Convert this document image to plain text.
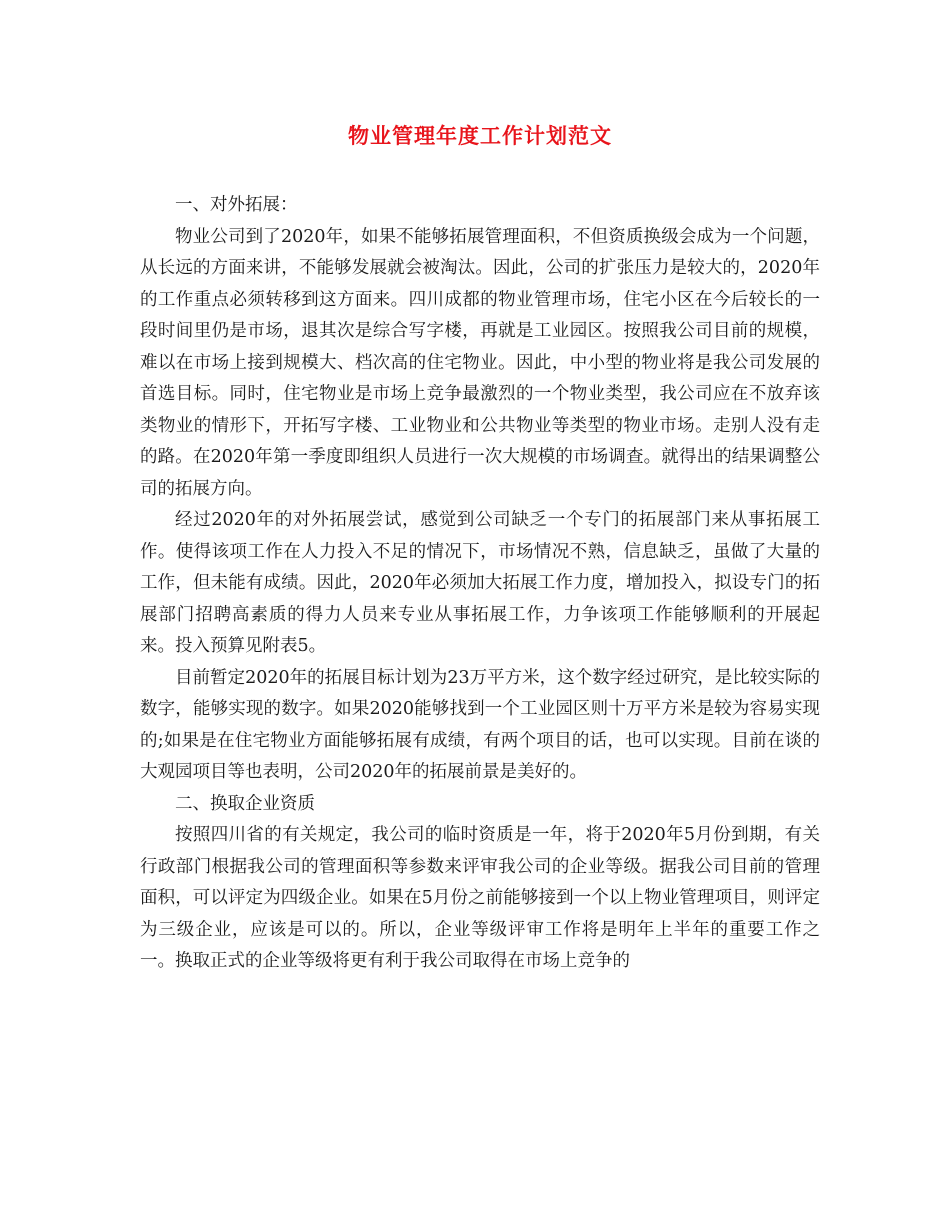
物业管理年度工作计划范文

一、对外拓展：

物业公司到了2020年，如果不能够拓展管理面积，不但资质换级会成为一个问题，从长远的方面来讲，不能够发展就会被淘汰。因此，公司的扩张压力是较大的，2020年的工作重点必须转移到这方面来。四川成都的物业管理市场，住宅小区在今后较长的一段时间里仍是市场，退其次是综合写字楼，再就是工业园区。按照我公司目前的规模，难以在市场上接到规模大、档次高的住宅物业。因此，中小型的物业将是我公司发展的首选目标。同时，住宅物业是市场上竞争最激烈的一个物业类型，我公司应在不放弃该类物业的情形下，开拓写字楼、工业物业和公共物业等类型的物业市场。走别人没有走的路。在2020年第一季度即组织人员进行一次大规模的市场调查。就得出的结果调整公司的拓展方向。

经过2020年的对外拓展尝试，感觉到公司缺乏一个专门的拓展部门来从事拓展工作。使得该项工作在人力投入不足的情况下，市场情况不熟，信息缺乏，虽做了大量的工作，但未能有成绩。因此，2020年必须加大拓展工作力度，增加投入，拟设专门的拓展部门招聘高素质的得力人员来专业从事拓展工作，力争该项工作能够顺利的开展起来。投入预算见附表5。

目前暂定2020年的拓展目标计划为23万平方米，这个数字经过研究，是比较实际的数字，能够实现的数字。如果2020能够找到一个工业园区则十万平方米是较为容易实现的;如果是在住宅物业方面能够拓展有成绩，有两个项目的话，也可以实现。目前在谈的大观园项目等也表明，公司2020年的拓展前景是美好的。

二、换取企业资质

按照四川省的有关规定，我公司的临时资质是一年，将于2020年5月份到期，有关行政部门根据我公司的管理面积等参数来评审我公司的企业等级。据我公司目前的管理面积，可以评定为四级企业。如果在5月份之前能够接到一个以上物业管理项目，则评定为三级企业，应该是可以的。所以，企业等级评审工作将是明年上半年的重要工作之一。换取正式的企业等级将更有利于我公司取得在市场上竞争的
